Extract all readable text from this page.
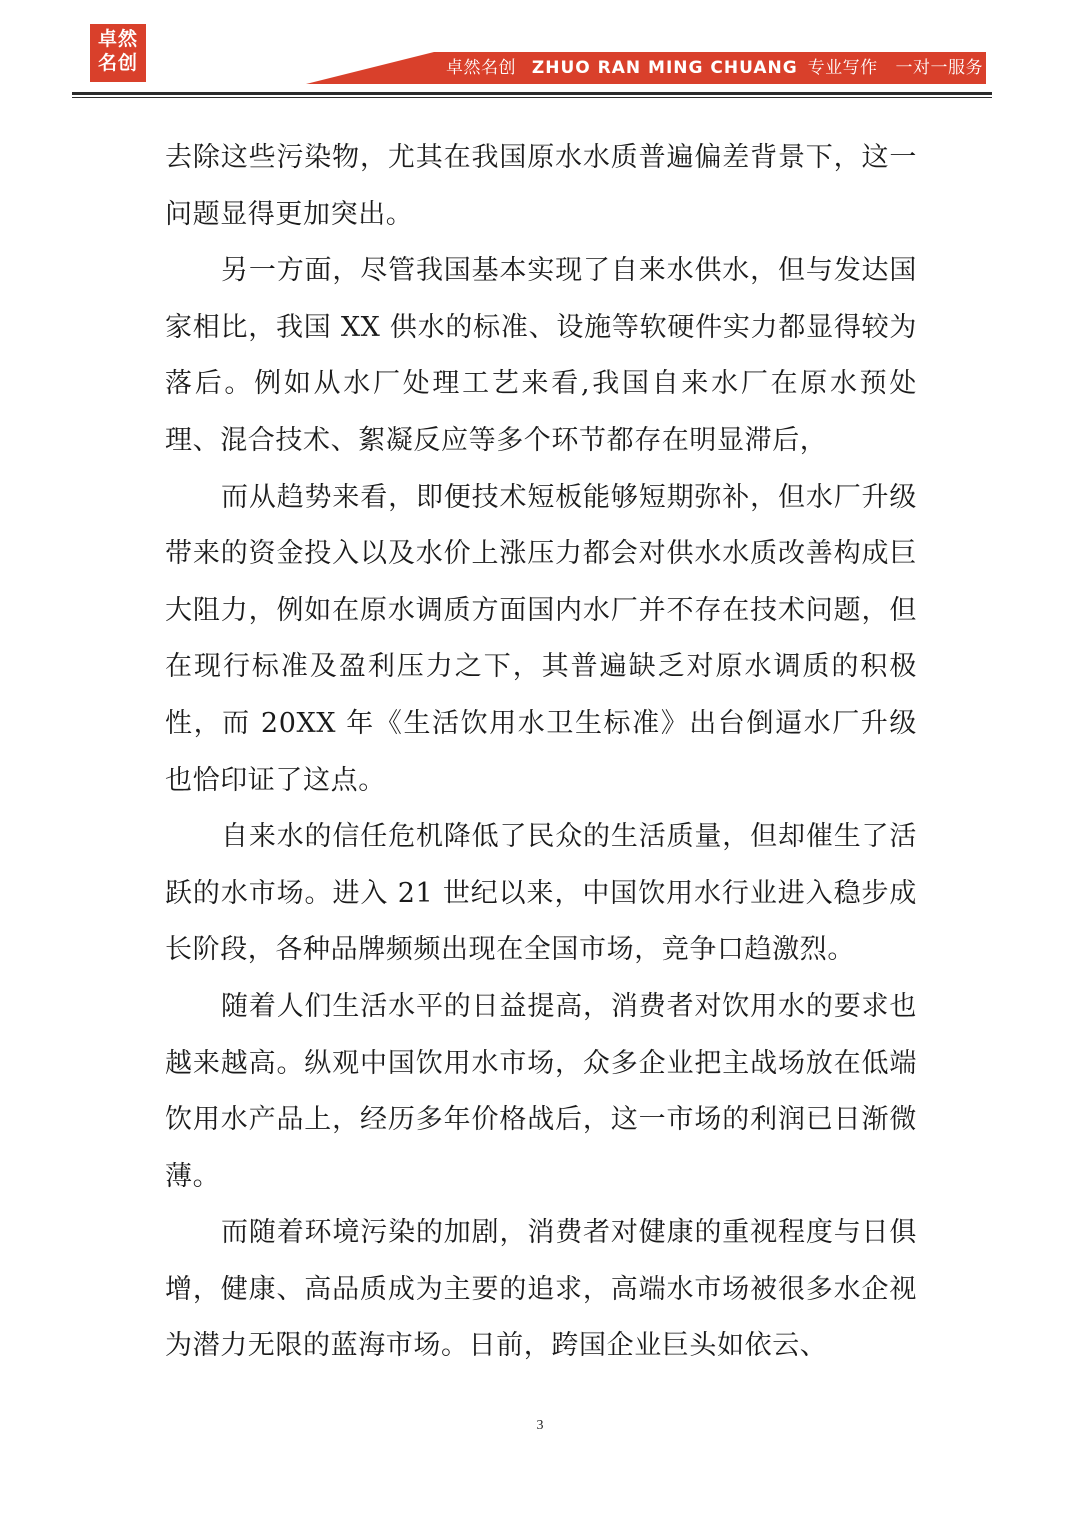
卓然
名创	卓然名创 ZHUO RAN MING CHUANG 专业写作 一对一服务

去除这些污染物，尤其在我国原水水质普遍偏差背景下，这一问题显得更加突出。

另一方面，尽管我国基本实现了自来水供水，但与发达国家相比，我国 XX 供水的标准、设施等软硬件实力都显得较为落后。例如从水厂处理工艺来看,我国自来水厂在原水预处理、混合技术、絮凝反应等多个环节都存在明显滞后，

而从趋势来看，即便技术短板能够短期弥补，但水厂升级带来的资金投入以及水价上涨压力都会对供水水质改善构成巨大阻力，例如在原水调质方面国内水厂并不存在技术问题，但在现行标准及盈利压力之下，其普遍缺乏对原水调质的积极性，而 20XX 年《生活饮用水卫生标准》出台倒逼水厂升级也恰印证了这点。

自来水的信任危机降低了民众的生活质量，但却催生了活跃的水市场。进入 21 世纪以来，中国饮用水行业进入稳步成长阶段，各种品牌频频出现在全国市场，竞争口趋激烈。

随着人们生活水平的日益提高，消费者对饮用水的要求也越来越高。纵观中国饮用水市场，众多企业把主战场放在低端饮用水产品上，经历多年价格战后，这一市场的利润已日渐微薄。

而随着环境污染的加剧，消费者对健康的重视程度与日俱增，健康、高品质成为主要的追求，高端水市场被很多水企视为潜力无限的蓝海市场。日前，跨国企业巨头如依云、

3
